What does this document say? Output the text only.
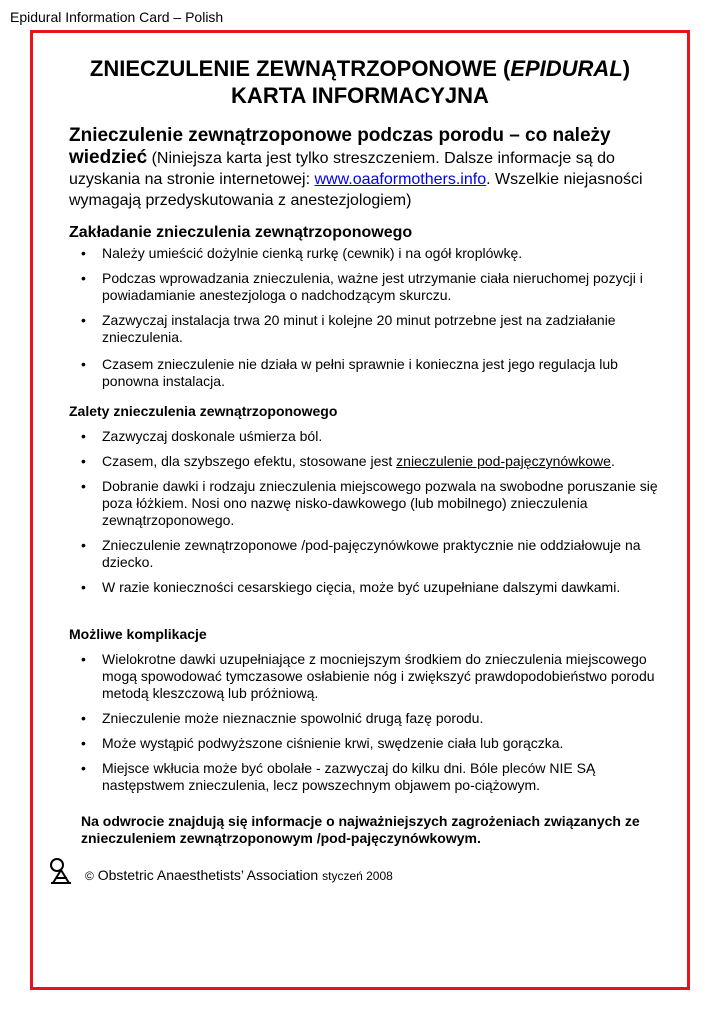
Epidural Information Card – Polish
ZNIECZULENIE ZEWNĄTRZOPONOWE (EPIDURAL)
KARTA INFORMACYJNA
Znieczulenie zewnątrzoponowe podczas porodu – co należy wiedzieć (Niniejsza karta jest tylko streszczeniem. Dalsze informacje są do uzyskania na stronie internetowej: www.oaaformothers.info. Wszelkie niejasności wymagają przedyskutowania z anestezjologiem)
Zakładanie znieczulenia zewnątrzoponowego
• Należy umieścić dożylnie cienką rurkę (cewnik) i na ogół kroplówkę.
• Podczas wprowadzania znieczulenia, ważne jest utrzymanie ciała nieruchomej pozycji i powiadamianie anestezjologa o nadchodzącym skurczu.
• Zazwyczaj instalacja trwa 20 minut i kolejne 20 minut potrzebne jest na zadziałanie znieczulenia.
• Czasem znieczulenie nie działa w pełni sprawnie i konieczna jest jego regulacja lub ponowna instalacja.
Zalety znieczulenia zewnątrzoponowego
• Zazwyczaj doskonale uśmierza ból.
• Czasem, dla szybszego efektu, stosowane jest znieczulenie pod-pajęczynówkowe.
• Dobranie dawki i rodzaju znieczulenia miejscowego pozwala na swobodne poruszanie się poza łóżkiem. Nosi ono nazwę nisko-dawkowego (lub mobilnego) znieczulenia zewnątrzoponowego.
• Znieczulenie zewnątrzoponowe /pod-pajęczynówkowe praktycznie nie oddziałowuje na dziecko.
• W razie konieczności cesarskiego cięcia, może być uzupełniane dalszymi dawkami.
Możliwe komplikacje
• Wielokrotne dawki uzupełniające z mocniejszym środkiem do znieczulenia miejscowego mogą spowodować tymczasowe osłabienie nóg i zwiększyć prawdopodobieństwo porodu metodą kleszczową lub próżniową.
• Znieczulenie może nieznacznie spowolnić drugą fazę porodu.
• Może wystąpić podwyższone ciśnienie krwi, swędzenie ciała lub gorączka.
• Miejsce wkłucia może być obolałe - zazwyczaj do kilku dni. Bóle pleców NIE SĄ następstwem znieczulenia, lecz powszechnym objawem po-ciążowym.
Na odwrocie znajdują się informacje o najważniejszych zagrożeniach związanych ze znieczuleniem zewnątrzoponowym /pod-pajęczynówkowym.
© Obstetric Anaesthetists’ Association styczeń 2008
